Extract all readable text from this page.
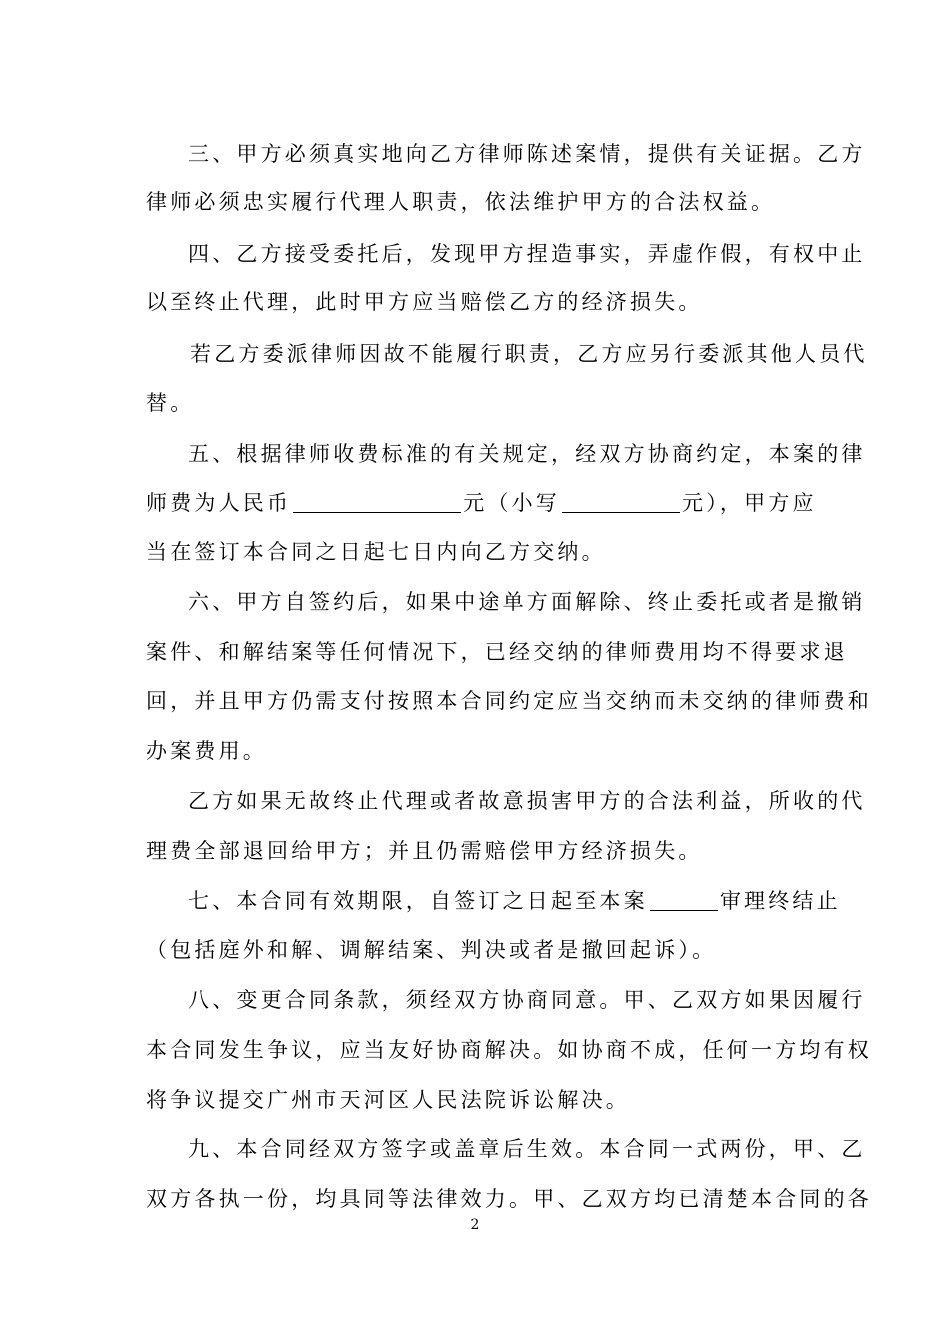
三、甲方必须真实地向乙方律师陈述案情，提供有关证据。乙方
律师必须忠实履行代理人职责，依法维护甲方的合法权益。
四、乙方接受委托后，发现甲方捏造事实，弄虚作假，有权中止
以至终止代理，此时甲方应当赔偿乙方的经济损失。
若乙方委派律师因故不能履行职责，乙方应另行委派其他人员代
替。
五、根据律师收费标准的有关规定，经双方协商约定，本案的律
师费为人民币	元（小写	元），甲方应
当在签订本合同之日起七日内向乙方交纳。
六、甲方自签约后，如果中途单方面解除、终止委托或者是撤销
案件、和解结案等任何情况下，已经交纳的律师费用均不得要求退
回，并且甲方仍需支付按照本合同约定应当交纳而未交纳的律师费和
办案费用。
乙方如果无故终止代理或者故意损害甲方的合法利益，所收的代
理费全部退回给甲方；并且仍需赔偿甲方经济损失。
七、本合同有效期限，自签订之日起至本案	审理终结止
（包括庭外和解、调解结案、判决或者是撤回起诉）。
八、变更合同条款，须经双方协商同意。甲、乙双方如果因履行
本合同发生争议，应当友好协商解决。如协商不成，任何一方均有权
将争议提交广州市天河区人民法院诉讼解决。
九、本合同经双方签字或盖章后生效。本合同一式两份，甲、乙
双方各执一份，均具同等法律效力。甲、乙双方均已清楚本合同的各
2
